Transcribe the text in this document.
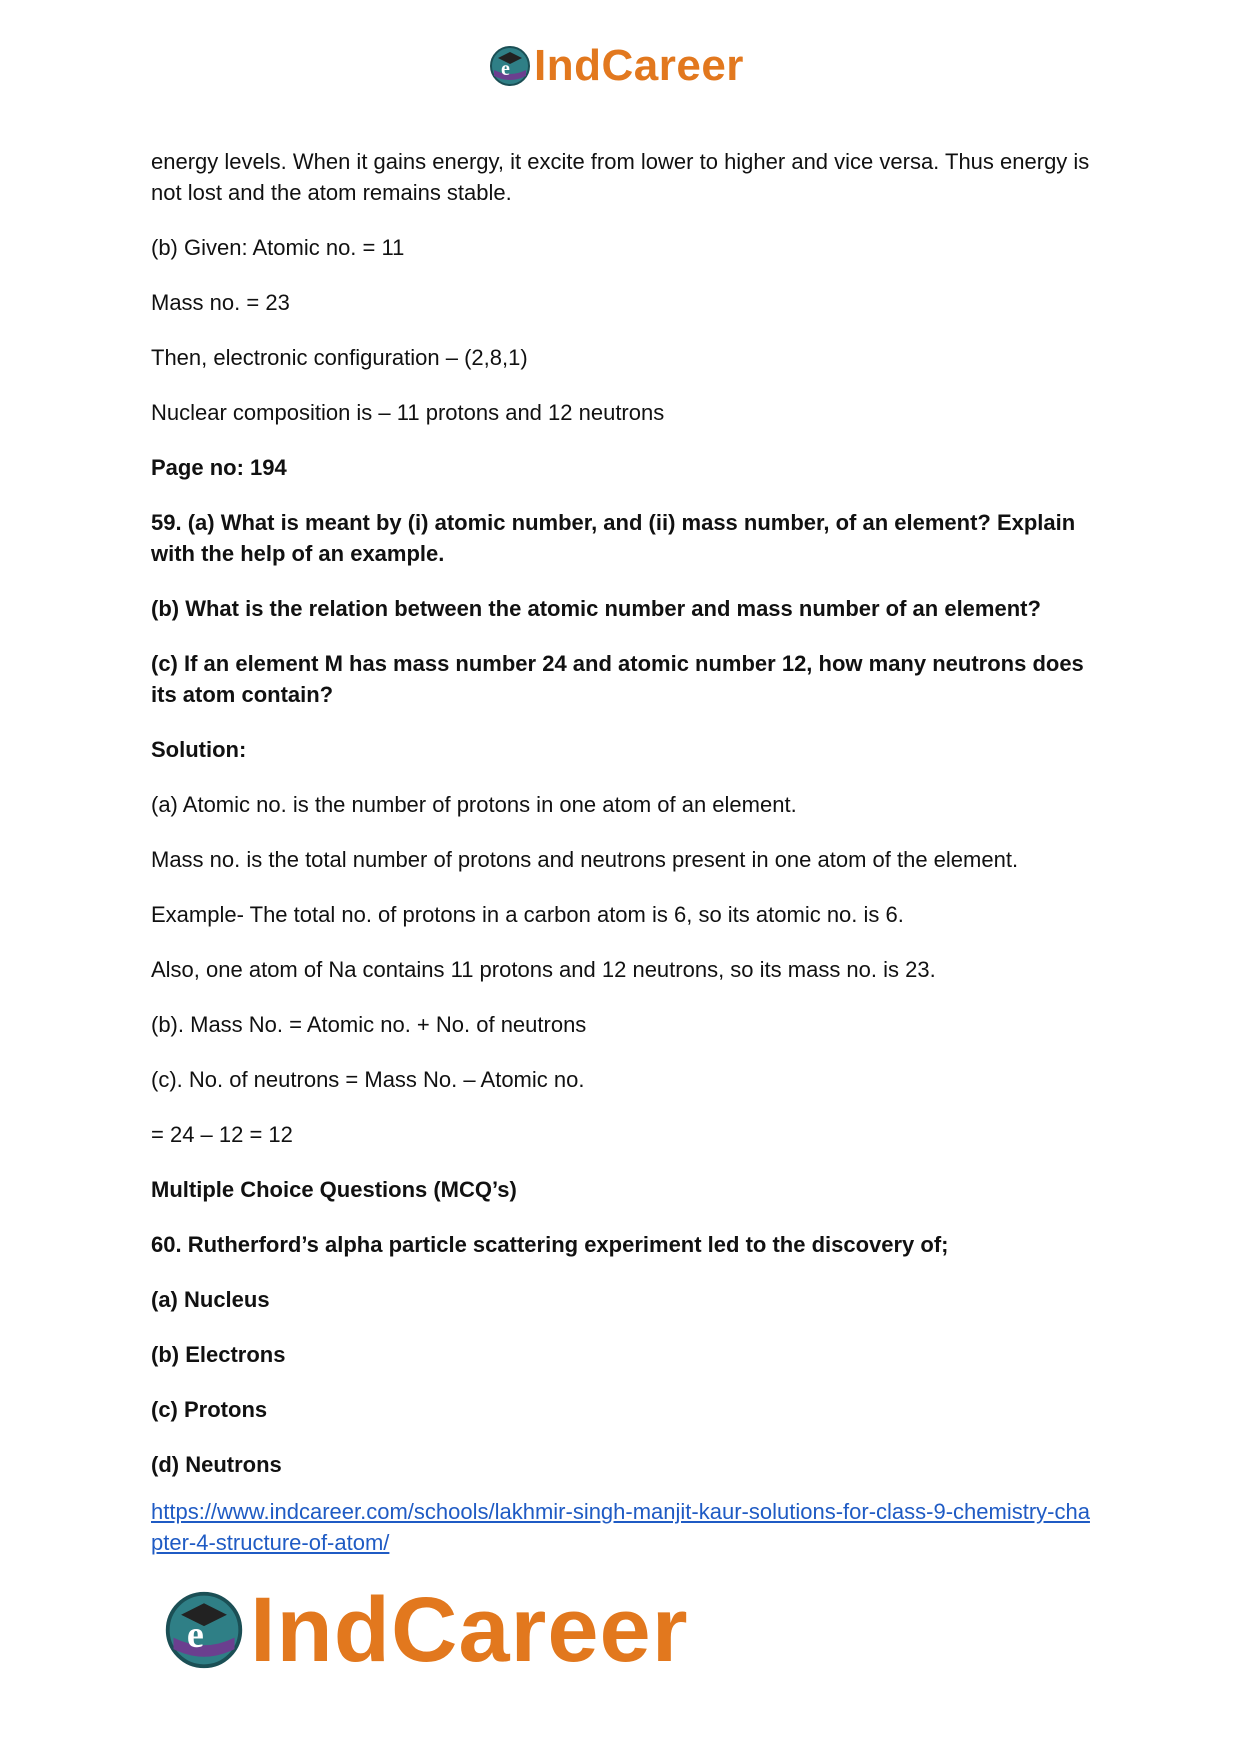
e IndCareer

energy levels. When it gains energy, it excite from lower to higher and vice versa. Thus energy is not lost and the atom remains stable.

(b) Given: Atomic no. = 11

Mass no. = 23

Then, electronic configuration – (2,8,1)

Nuclear composition is – 11 protons and 12 neutrons

Page no: 194

59. (a) What is meant by (i) atomic number, and (ii) mass number, of an element? Explain with the help of an example.

(b) What is the relation between the atomic number and mass number of an element?

(c) If an element M has mass number 24 and atomic number 12, how many neutrons does its atom contain?

Solution:

(a) Atomic no. is the number of protons in one atom of an element.

Mass no. is the total number of protons and neutrons present in one atom of the element.

Example- The total no. of protons in a carbon atom is 6, so its atomic no. is 6.

Also, one atom of Na contains 11 protons and 12 neutrons, so its mass no. is 23.

(b). Mass No. = Atomic no. + No. of neutrons

(c). No. of neutrons = Mass No. – Atomic no.

= 24 – 12 = 12

Multiple Choice Questions (MCQ’s)

60. Rutherford’s alpha particle scattering experiment led to the discovery of;

(a) Nucleus

(b) Electrons

(c) Protons

(d) Neutrons

https://www.indcareer.com/schools/lakhmir-singh-manjit-kaur-solutions-for-class-9-chemistry-chapter-4-structure-of-atom/
e IndCareer
